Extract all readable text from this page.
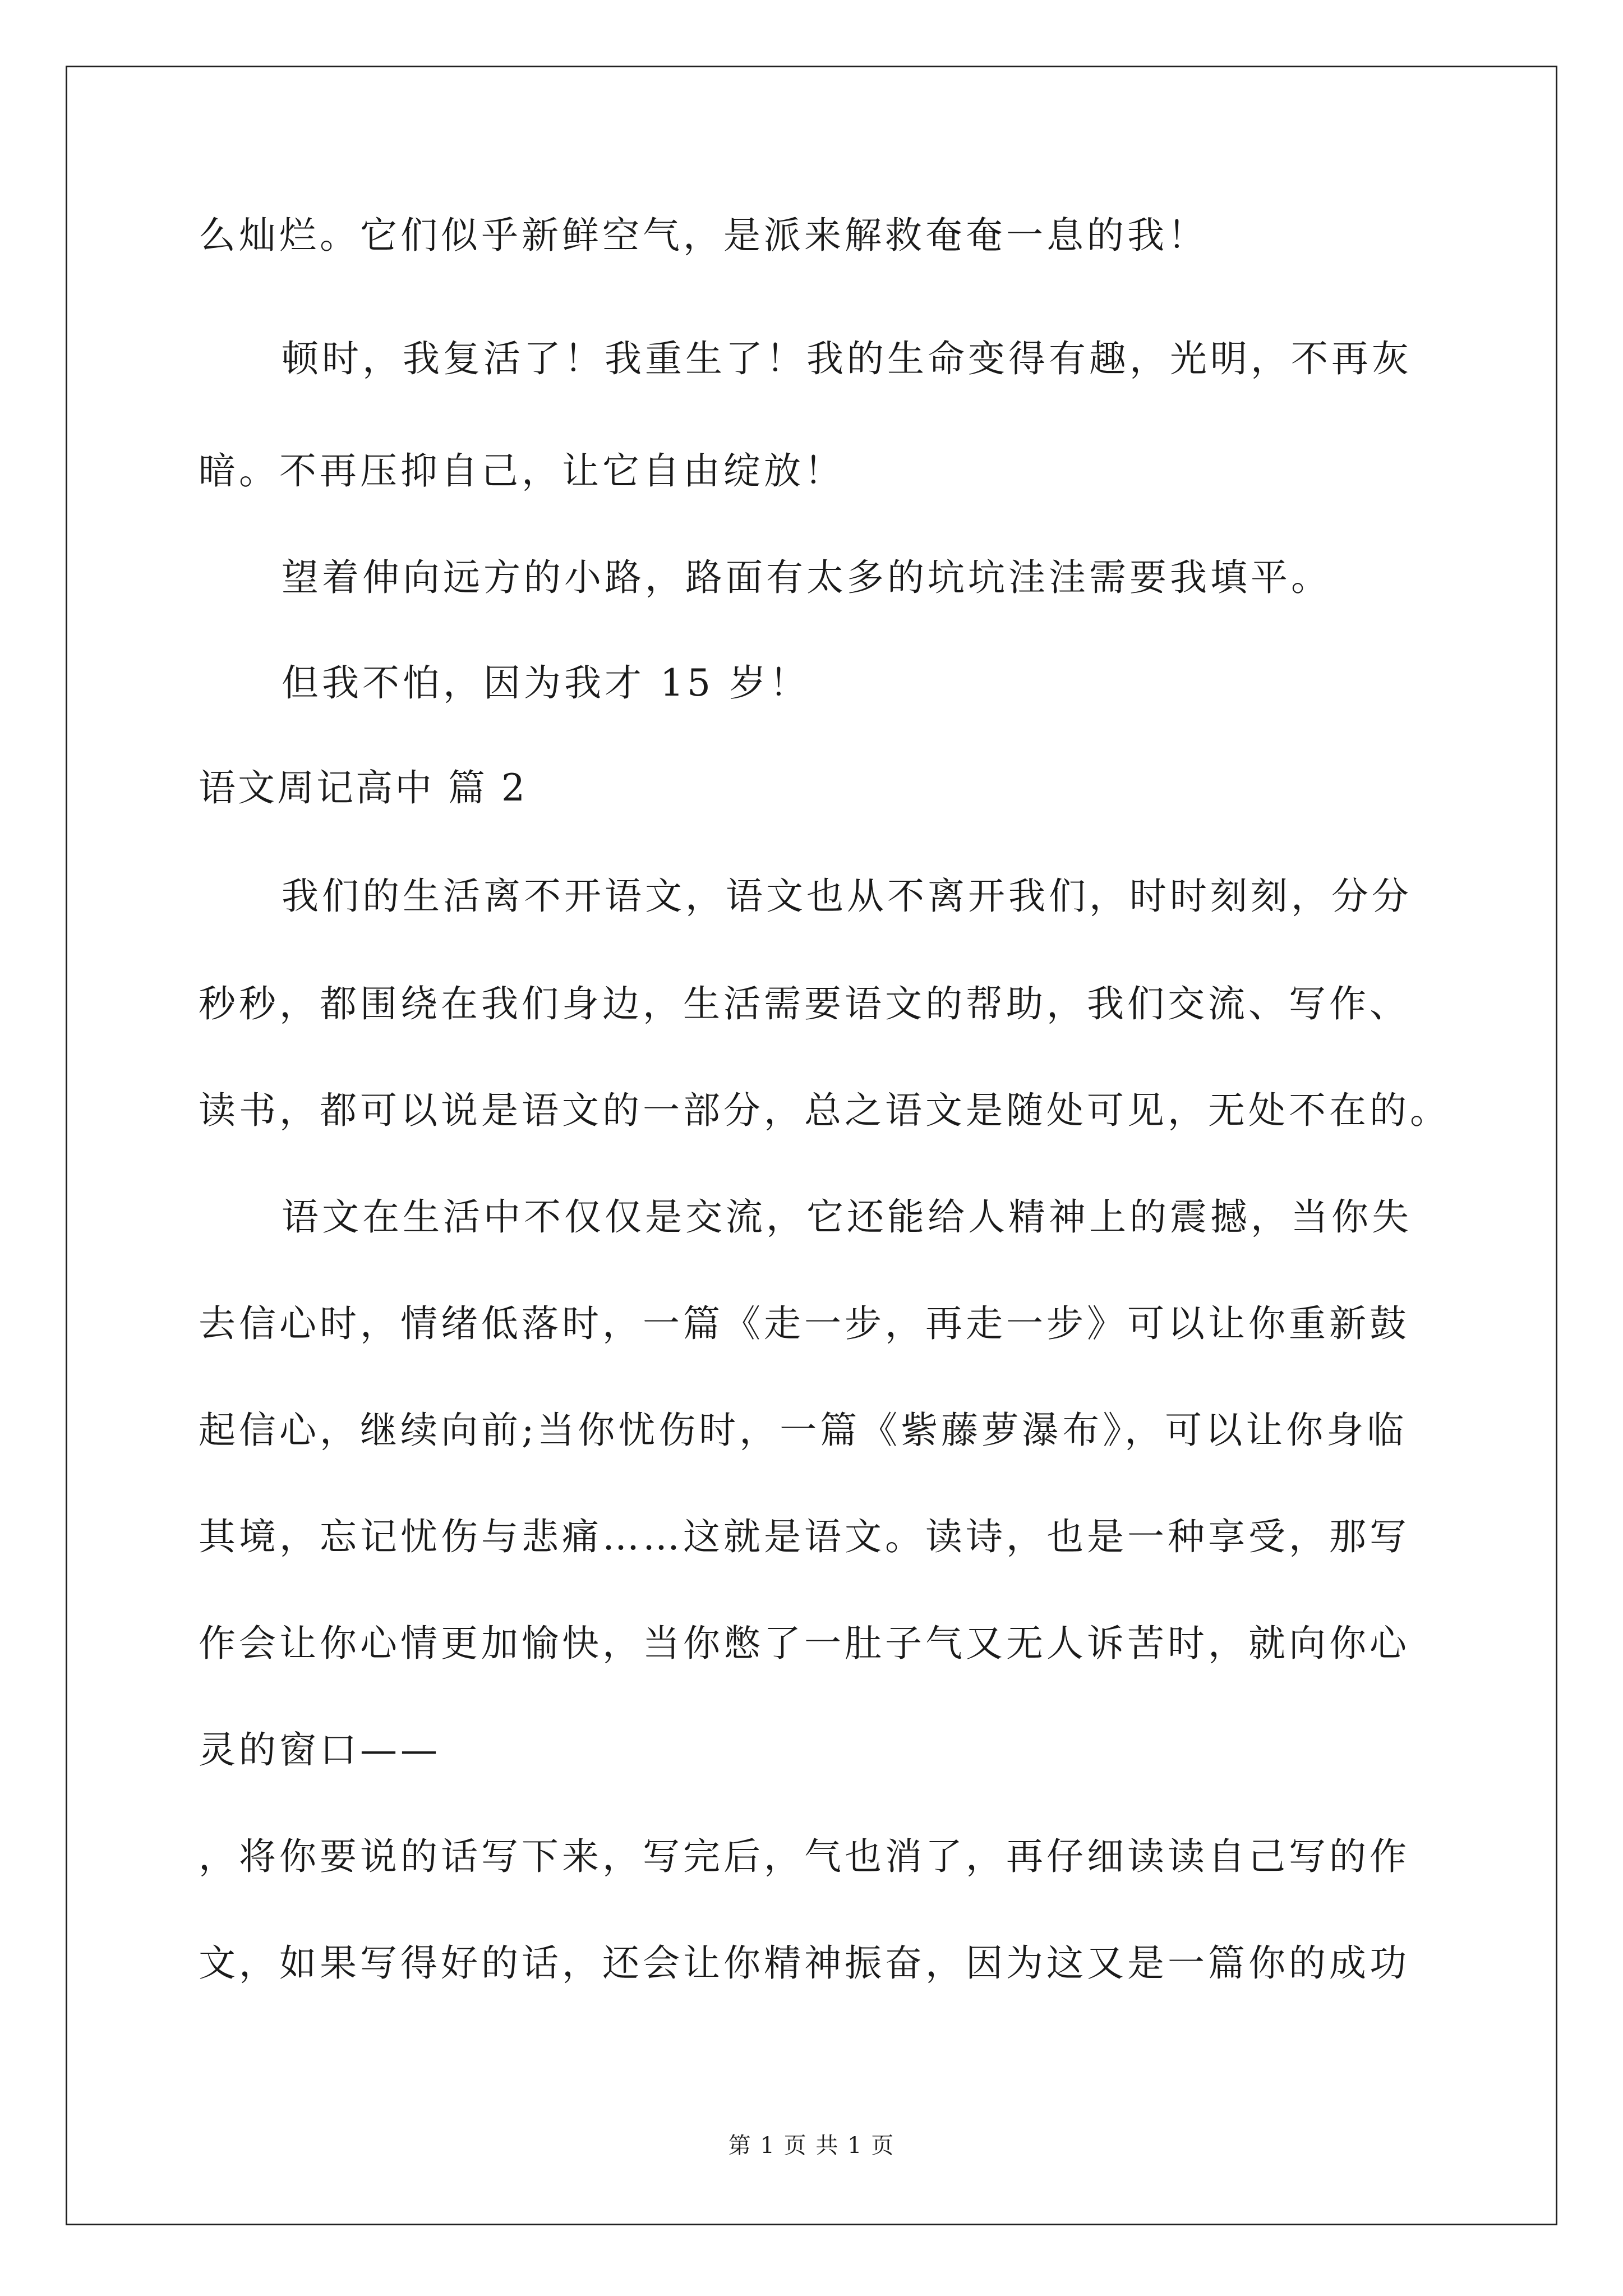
么灿烂。它们似乎新鲜空气，是派来解救奄奄一息的我！
顿时，我复活了！我重生了！我的生命变得有趣，光明，不再灰
暗。不再压抑自己，让它自由绽放！
望着伸向远方的小路，路面有太多的坑坑洼洼需要我填平。
但我不怕，因为我才 15 岁！
语文周记高中 篇 2
我们的生活离不开语文，语文也从不离开我们，时时刻刻，分分
秒秒，都围绕在我们身边，生活需要语文的帮助，我们交流、写作、
读书，都可以说是语文的一部分，总之语文是随处可见，无处不在的。
语文在生活中不仅仅是交流，它还能给人精神上的震撼，当你失
去信心时，情绪低落时，一篇《走一步，再走一步》可以让你重新鼓
起信心，继续向前;当你忧伤时，一篇《紫藤萝瀑布》，可以让你身临
其境，忘记忧伤与悲痛……这就是语文。读诗，也是一种享受，那写
作会让你心情更加愉快，当你憋了一肚子气又无人诉苦时，就向你心
灵的窗口——
，将你要说的话写下来，写完后，气也消了，再仔细读读自己写的作
文，如果写得好的话，还会让你精神振奋，因为这又是一篇你的成功
第 1 页 共 1 页
